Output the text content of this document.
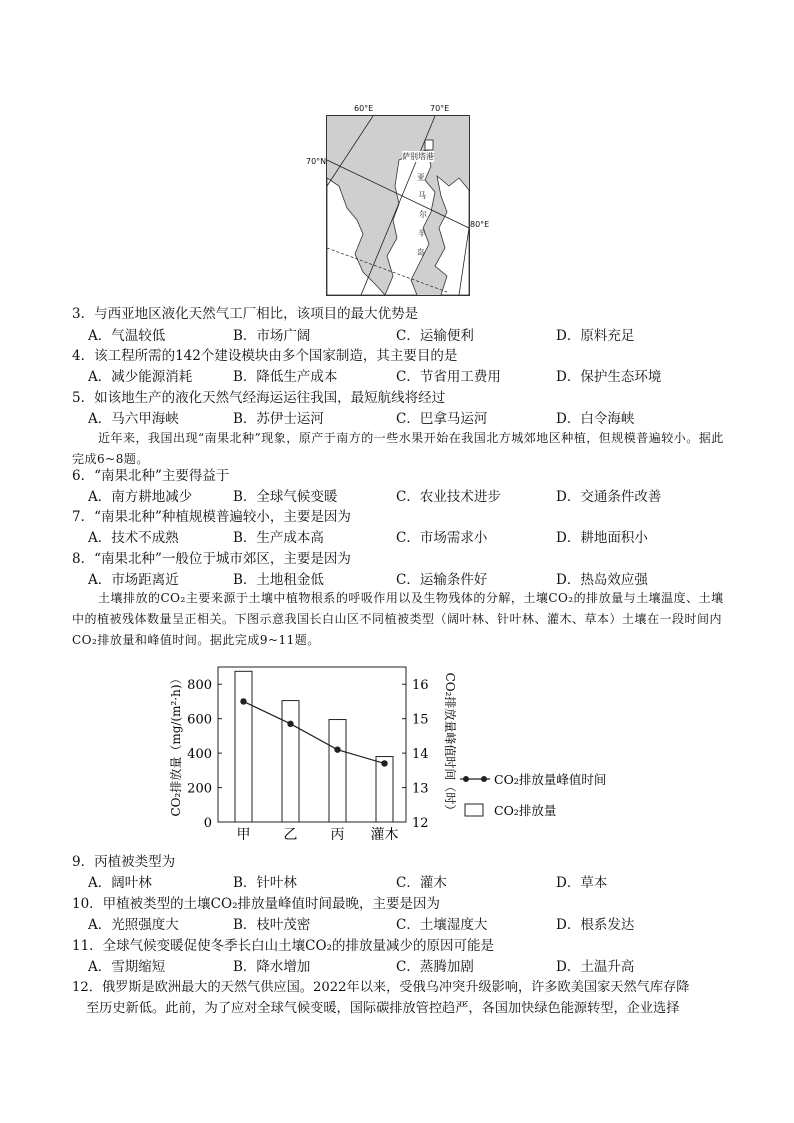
60°E	70°E
70°N
80°E
萨别塔港
亚
马
尔
半
岛
3．与西亚地区液化天然气工厂相比，该项目的最大优势是
A．气温较低	B．市场广阔	C．运输便利	D．原料充足
4．该工程所需的142个建设模块由多个国家制造，其主要目的是
A．减少能源消耗	B．降低生产成本	C．节省用工费用	D．保护生态环境
5．如该地生产的液化天然气经海运运往我国，最短航线将经过
A．马六甲海峡	B．苏伊士运河	C．巴拿马运河	D．白令海峡
近年来，我国出现“南果北种”现象，原产于南方的一些水果开始在我国北方城郊地区种植，但规模普遍较小。据此完成6~8题。
6．“南果北种”主要得益于
A．南方耕地减少	B．全球气候变暖	C．农业技术进步	D．交通条件改善
7．“南果北种”种植规模普遍较小，主要是因为
A．技术不成熟	B．生产成本高	C．市场需求小	D．耕地面积小
8．“南果北种”一般位于城市郊区，主要是因为
A．市场距离近	B．土地租金低	C．运输条件好	D．热岛效应强
土壤排放的CO₂主要来源于土壤中植物根系的呼吸作用以及生物残体的分解，土壤CO₂的排放量与土壤温度、土壤中的植被残体数量呈正相关。下图示意我国长白山区不同植被类型（阔叶林、针叶林、灌木、草本）土壤在一段时间内CO₂排放量和峰值时间。据此完成9~11题。
0
200
400
600
800
12
13
14
15
16
CO₂排放量（mg/(m²·h)）	CO₂排放量峰值时间（时）
甲 乙 丙 灌木
CO₂排放量峰值时间
CO₂排放量
9．丙植被类型为
A．阔叶林	B．针叶林	C．灌木	D．草本
10．甲植被类型的土壤CO₂排放量峰值时间最晚，主要是因为
A．光照强度大	B．枝叶茂密	C．土壤湿度大	D．根系发达
11．全球气候变暖促使冬季长白山土壤CO₂的排放量减少的原因可能是
A．雪期缩短	B．降水增加	C．蒸腾加剧	D．土温升高
12．俄罗斯是欧洲最大的天然气供应国。2022年以来，受俄乌冲突升级影响，许多欧美国家天然气库存降
至历史新低。此前，为了应对全球气候变暖，国际碳排放管控趋严，各国加快绿色能源转型，企业选择
